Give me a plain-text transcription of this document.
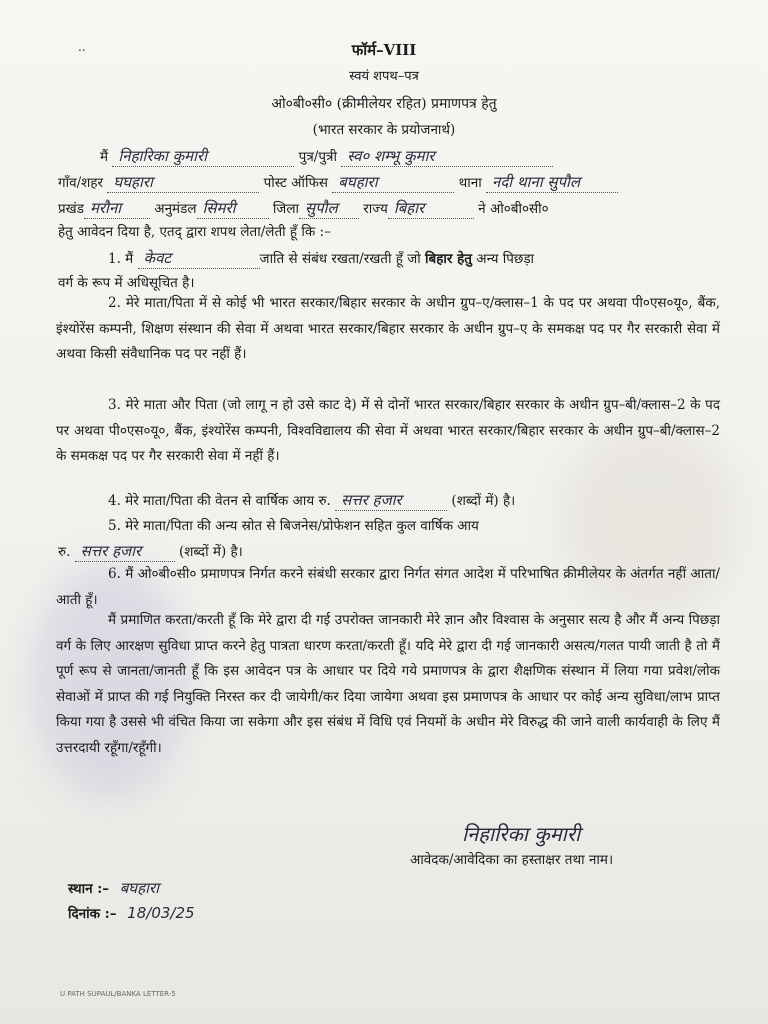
..	फॉर्म–VIII
स्वयं शपथ–पत्र
ओ०बी०सी० (क्रीमीलेयर रहित) प्रमाणपत्र हेतु
(भारत सरकार के प्रयोजनार्थ)
मैं निहारिका कुमारी	पुत्र/पुत्री स्व० शम्भू कुमार
गाँव/शहर घघहारा	पोस्ट ऑफिस बघहारा	थाना नदी थाना सुपौल
प्रखंड मरौना अनुमंडल सिमरी	जिला सुपौल राज्य बिहार	ने ओ०बी०सी०
हेतु आवेदन दिया है, एतद् द्वारा शपथ लेता/लेती हूँ कि :–
1. मैं केवट	जाति से संबंध रखता/रखती हूँ जो बिहार हेतु अन्य पिछड़ा
वर्ग के रूप में अधिसूचित है।
2. मेरे माता/पिता में से कोई भी भारत सरकार/बिहार सरकार के अधीन ग्रुप–ए/क्लास–1 के पद पर अथवा पी०एस०यू०, बैंक, इंश्योरेंस कम्पनी, शिक्षण संस्थान की सेवा में अथवा भारत सरकार/बिहार सरकार के अधीन ग्रुप–ए के समकक्ष पद पर गैर सरकारी सेवा में अथवा किसी संवैधानिक पद पर नहीं हैं।
3. मेरे माता और पिता (जो लागू न हो उसे काट दे) में से दोनों भारत सरकार/बिहार सरकार के अधीन ग्रुप–बी/क्लास–2 के पद पर अथवा पी०एस०यू०, बैंक, इंश्योरेंस कम्पनी, विश्वविद्यालय की सेवा में अथवा भारत सरकार/बिहार सरकार के अधीन ग्रुप–बी/क्लास–2 के समकक्ष पद पर गैर सरकारी सेवा में नहीं हैं।
4. मेरे माता/पिता की वेतन से वार्षिक आय रु. सत्तर हजार	(शब्दों में) है।
5. मेरे माता/पिता की अन्य स्रोत से बिजनेस/प्रोफेशन सहित कुल वार्षिक आय
रु. सत्तर हजार	(शब्दों में) है।
6. मैं ओ०बी०सी० प्रमाणपत्र निर्गत करने संबंधी सरकार द्वारा निर्गत संगत आदेश में परिभाषित क्रीमीलेयर के अंतर्गत नहीं आता/आती हूँ।
मैं प्रमाणित करता/करती हूँ कि मेरे द्वारा दी गई उपरोक्त जानकारी मेरे ज्ञान और विश्वास के अनुसार सत्य है और मैं अन्य पिछड़ा वर्ग के लिए आरक्षण सुविधा प्राप्त करने हेतु पात्रता धारण करता/करती हूँ। यदि मेरे द्वारा दी गई जानकारी असत्य/गलत पायी जाती है तो मैं पूर्ण रूप से जानता/जानती हूँ कि इस आवेदन पत्र के आधार पर दिये गये प्रमाणपत्र के द्वारा शैक्षणिक संस्थान में लिया गया प्रवेश/लोक सेवाओं में प्राप्त की गई नियुक्ति निरस्त कर दी जायेगी/कर दिया जायेगा अथवा इस प्रमाणपत्र के आधार पर कोई अन्य सुविधा/लाभ प्राप्त किया गया है उससे भी वंचित किया जा सकेगा और इस संबंध में विधि एवं नियमों के अधीन मेरे विरुद्ध की जाने वाली कार्यवाही के लिए मैं उत्तरदायी रहूँगा/रहूँगी।
निहारिका कुमारी
आवेदक/आवेदिका का हस्ताक्षर तथा नाम।
स्थान :– बघहारा
दिनांक :– 18/03/25
U PATH SUPAUL/BANKA LETTER-5
